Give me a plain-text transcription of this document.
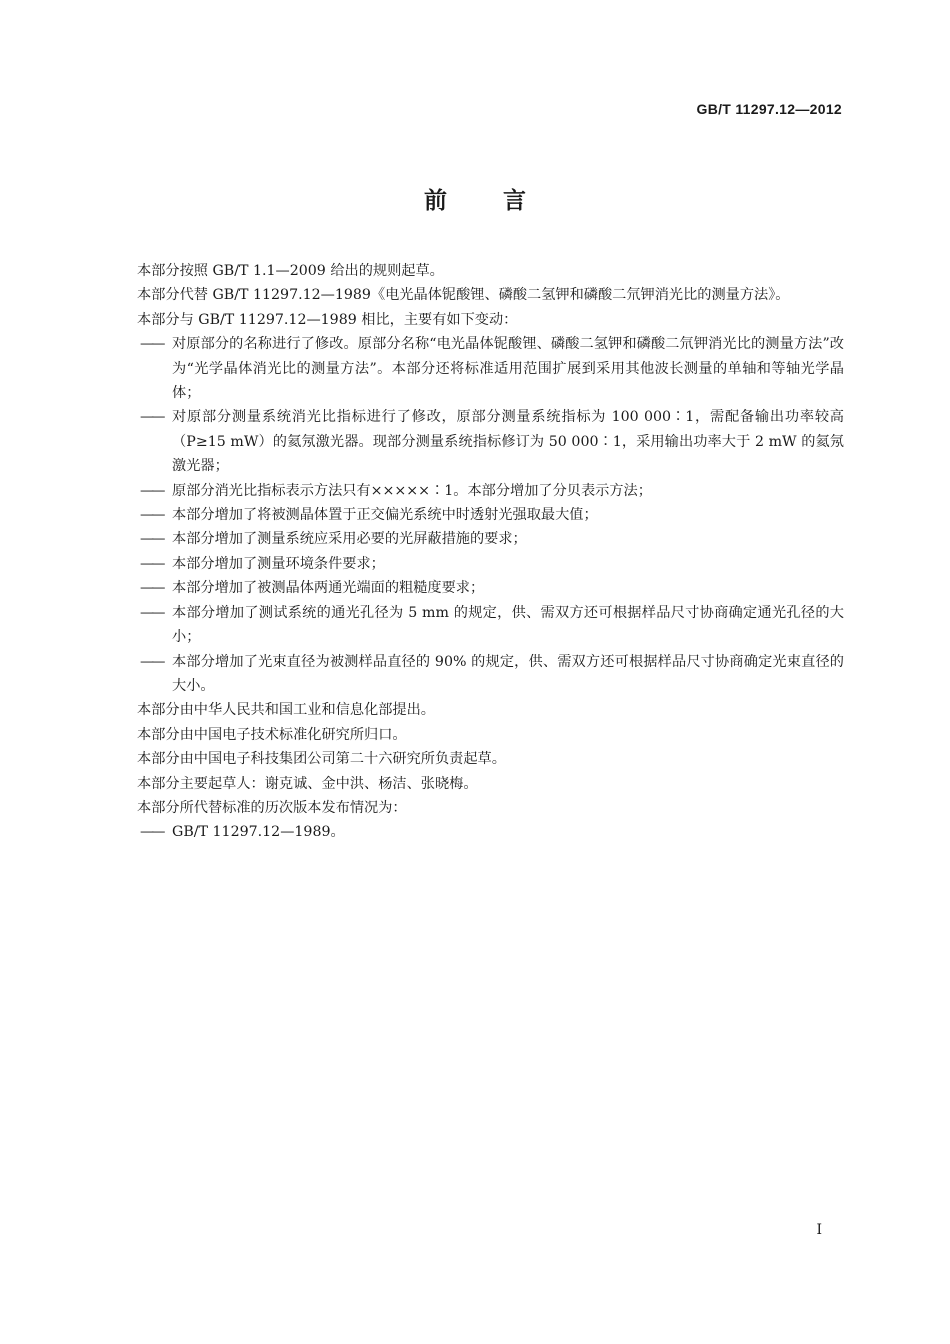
GB/T 11297.12—2012
前 言

本部分按照 GB/T 1.1—2009 给出的规则起草。

本部分代替 GB/T 11297.12—1989《电光晶体铌酸锂、磷酸二氢钾和磷酸二氘钾消光比的测量方法》。

本部分与 GB/T 11297.12—1989 相比，主要有如下变动：

—— 对原部分的名称进行了修改。原部分名称“电光晶体铌酸锂、磷酸二氢钾和磷酸二氘钾消光比的测量方法”改为“光学晶体消光比的测量方法”。本部分还将标准适用范围扩展到采用其他波长测量的单轴和等轴光学晶体；

—— 对原部分测量系统消光比指标进行了修改，原部分测量系统指标为 100 000∶1，需配备输出功率较高（P≥15 mW）的氦氖激光器。现部分测量系统指标修订为 50 000∶1，采用输出功率大于 2 mW 的氦氖激光器；

—— 原部分消光比指标表示方法只有×××××∶1。本部分增加了分贝表示方法；

—— 本部分增加了将被测晶体置于正交偏光系统中时透射光强取最大值；

—— 本部分增加了测量系统应采用必要的光屏蔽措施的要求；

—— 本部分增加了测量环境条件要求；

—— 本部分增加了被测晶体两通光端面的粗糙度要求；

—— 本部分增加了测试系统的通光孔径为 5 mm 的规定，供、需双方还可根据样品尺寸协商确定通光孔径的大小；

—— 本部分增加了光束直径为被测样品直径的 90% 的规定，供、需双方还可根据样品尺寸协商确定光束直径的大小。

本部分由中华人民共和国工业和信息化部提出。

本部分由中国电子技术标准化研究所归口。

本部分由中国电子科技集团公司第二十六研究所负责起草。

本部分主要起草人：谢克诚、金中洪、杨洁、张晓梅。

本部分所代替标准的历次版本发布情况为：

—— GB/T 11297.12—1989。

I
